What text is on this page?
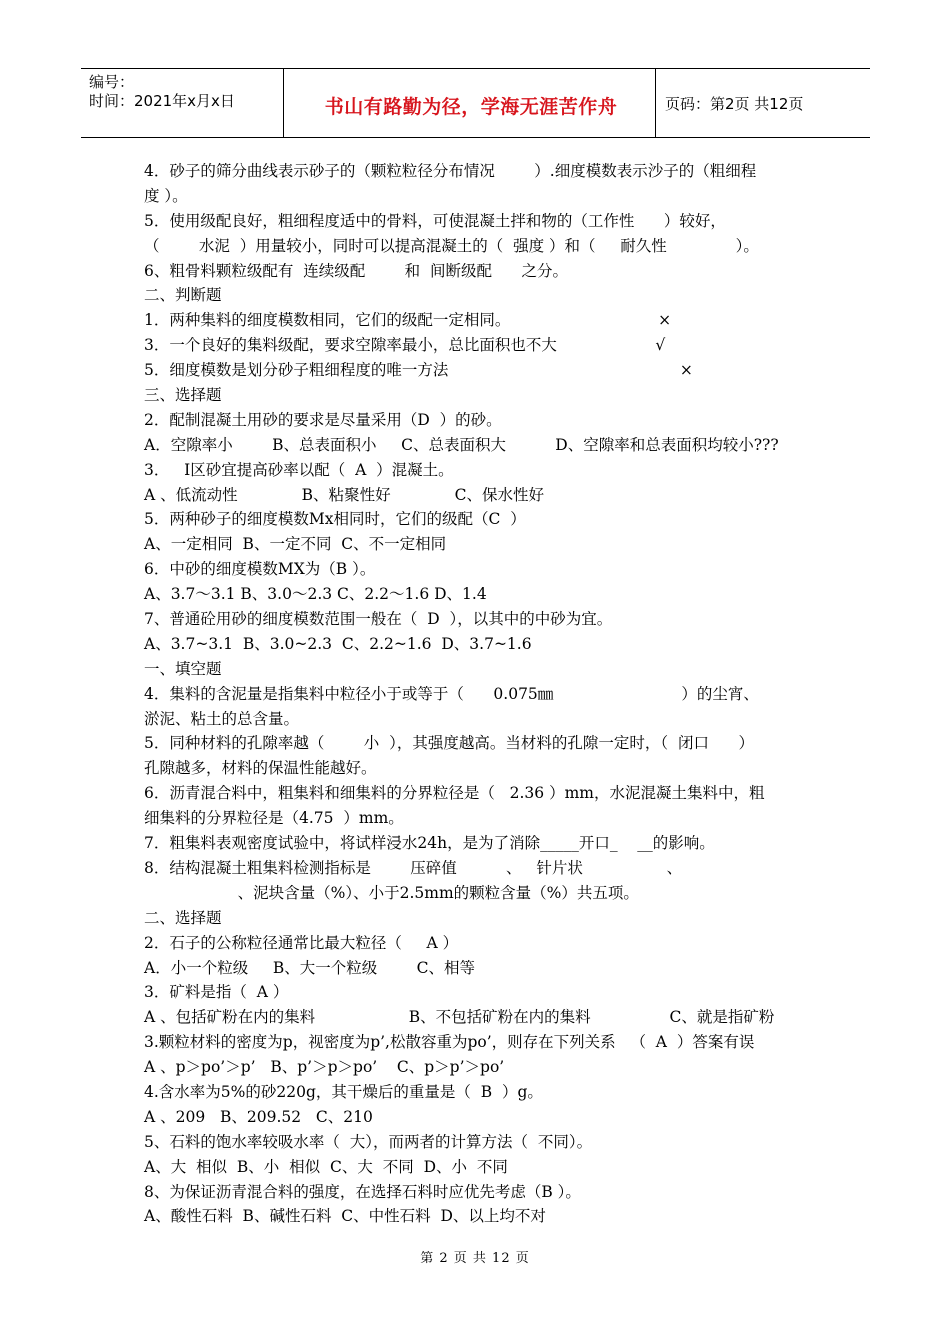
编号：
时间：2021年x月x日	书山有路勤为径，学海无涯苦作舟	页码：第2页 共12页
4．砂子的筛分曲线表示砂子的（颗粒粒径分布情况        ）.细度模数表示沙子的（粗细程
度 ）。
5．使用级配良好，粗细程度适中的骨料，可使混凝土拌和物的（工作性      ）较好，
（        水泥  ）用量较小，同时可以提高混凝土的（  强度 ）和（     耐久性              ）。
6、粗骨料颗粒级配有  连续级配        和  间断级配      之分。
二、判断题
1．两种集料的细度模数相同，它们的级配一定相同。                              ×
3．一个良好的集料级配，要求空隙率最小，总比面积也不大                    √
5．细度模数是划分砂子粗细程度的唯一方法                                               ×
三、选择题
2．配制混凝土用砂的要求是尽量采用（D  ）的砂。
A．空隙率小        B、总表面积小     C、总表面积大          D、空隙率和总表面积均较小???
3．   I区砂宜提高砂率以配（  A  ）混凝土。
A 、低流动性             B、粘聚性好             C、保水性好
5．两种砂子的细度模数Mx相同时，它们的级配（C  ）
A、一定相同  B、一定不同  C、不一定相同
6．中砂的细度模数MX为（B ）。
A、3.7～3.1 B、3.0～2.3 C、2.2～1.6 D、1.4
7、普通砼用砂的细度模数范围一般在（  D  ），以其中的中砂为宜。
A、3.7~3.1  B、3.0~2.3  C、2.2~1.6  D、3.7~1.6
一、填空题
4．集料的含泥量是指集料中粒径小于或等于（      0.075㎜                          ）的尘宵、
淤泥、粘土的总含量。
5．同种材料的孔隙率越（        小  ），其强度越高。当材料的孔隙一定时，（  闭口      ）
孔隙越多，材料的保温性能越好。
6．沥青混合料中，粗集料和细集料的分界粒径是（   2.36 ）mm，水泥混凝土集料中，粗
细集料的分界粒径是（4.75  ）mm。
7．粗集料表观密度试验中，将试样浸水24h，是为了消除_____开口_    __的影响。
8．结构混凝土粗集料检测指标是        压碎值          、   针片状                 、
、泥块含量（%）、小于2.5mm的颗粒含量（%）共五项。
二、选择题
2．石子的公称粒径通常比最大粒径（     A ）
A．小一个粒级     B、大一个粒级        C、相等
3．矿料是指（  A ）
A 、包括矿粉在内的集料                   B、不包括矿粉在内的集料                C、就是指矿粉
3.颗粒材料的密度为p，视密度为p’,松散容重为po’，则存在下列关系   （  A  ）答案有误
A 、p＞po’＞p’   B、p’＞p＞po’    C、p＞p’＞po’
4.含水率为5%的砂220g，其干燥后的重量是（  B  ）g。
A 、209   B、209.52   C、210
5、石料的饱水率较吸水率（  大），而两者的计算方法（  不同）。
A、大  相似  B、小  相似  C、大  不同  D、小  不同
8、为保证沥青混合料的强度，在选择石料时应优先考虑（B ）。
A、酸性石料  B、碱性石料  C、中性石料  D、以上均不对
第 2 页 共 12 页
